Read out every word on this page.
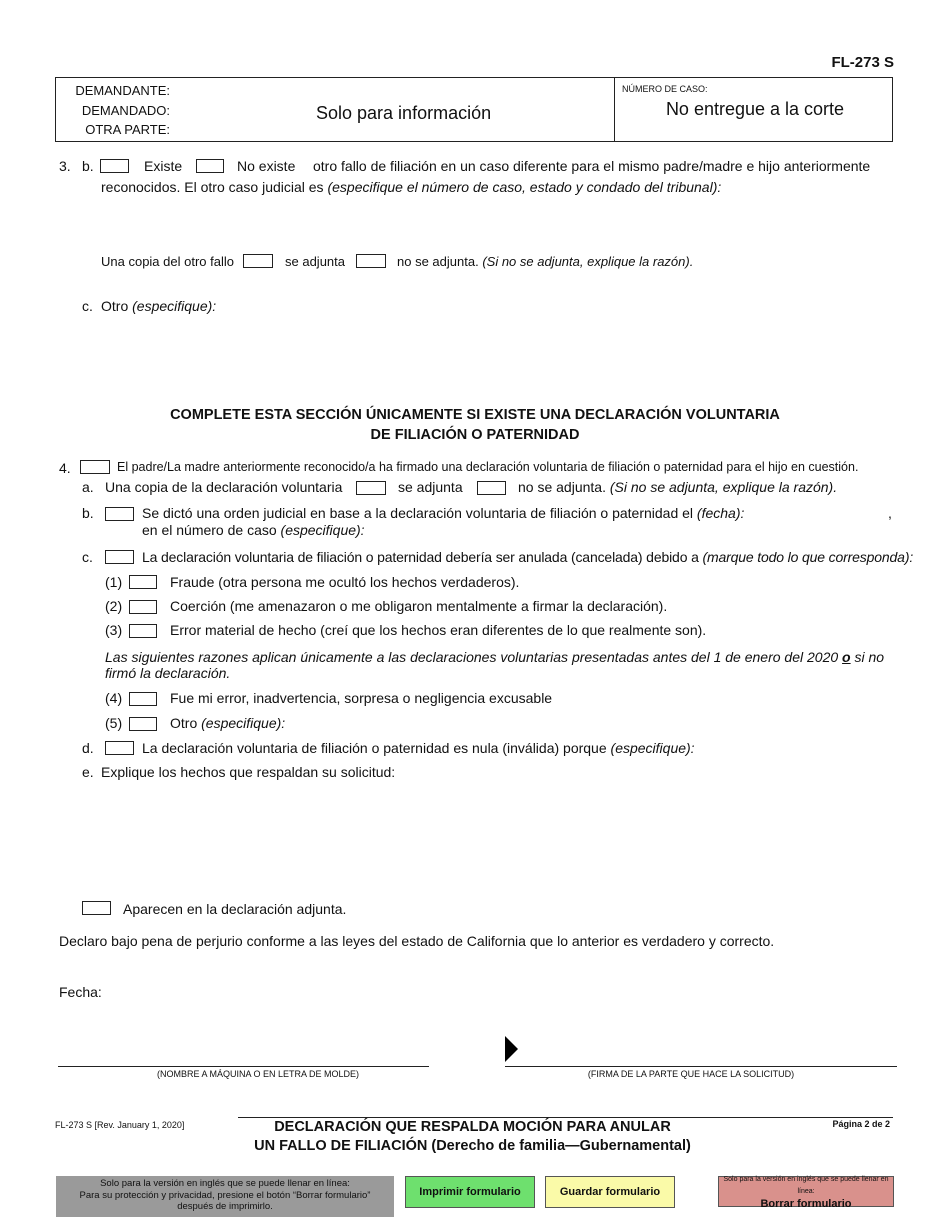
FL-273 S
DEMANDANTE:
DEMANDADO:
OTRA PARTE:
Solo para información
NÚMERO DE CASO:
No entregue a la corte
3. b.	Existe	No existe otro fallo de filiación en un caso diferente para el mismo padre/madre e hijo anteriormente
reconocidos. El otro caso judicial es (especifique el número de caso, estado y condado del tribunal):
Una copia del otro fallo	se adjunta	no se adjunta. (Si no se adjunta, explique la razón).
c. Otro (especifique):
COMPLETE ESTA SECCIÓN ÚNICAMENTE SI EXISTE UNA DECLARACIÓN VOLUNTARIA
DE FILIACIÓN O PATERNIDAD
4.	El padre/La madre anteriormente reconocido/a ha firmado una declaración voluntaria de filiación o paternidad para el hijo en cuestión.
a. Una copia de la declaración voluntaria	se adjunta	no se adjunta. (Si no se adjunta, explique la razón).
b.	Se dictó una orden judicial en base a la declaración voluntaria de filiación o paternidad el (fecha):	,
en el número de caso (especifique):
c.	La declaración voluntaria de filiación o paternidad debería ser anulada (cancelada) debido a (marque todo lo que corresponda):
(1)	Fraude (otra persona me ocultó los hechos verdaderos).
(2)	Coerción (me amenazaron o me obligaron mentalmente a firmar la declaración).
(3)	Error material de hecho (creí que los hechos eran diferentes de lo que realmente son).
Las siguientes razones aplican únicamente a las declaraciones voluntarias presentadas antes del 1 de enero del 2020 o si no
firmó la declaración.
(4)	Fue mi error, inadvertencia, sorpresa o negligencia excusable
(5)	Otro (especifique):
d.	La declaración voluntaria de filiación o paternidad es nula (inválida) porque (especifique):
e. Explique los hechos que respaldan su solicitud:
Aparecen en la declaración adjunta.
Declaro bajo pena de perjurio conforme a las leyes del estado de California que lo anterior es verdadero y correcto.
Fecha:
(NOMBRE A MÁQUINA O EN LETRA DE MOLDE)	(FIRMA DE LA PARTE QUE HACE LA SOLICITUD)
FL-273 S [Rev. January 1, 2020]	DECLARACIÓN QUE RESPALDA MOCIÓN PARA ANULAR
UN FALLO DE FILIACIÓN (Derecho de familia—Gubernamental)
Página 2 de 2
Solo para la versión en inglés que se puede llenar en línea:
Para su protección y privacidad, presione el botón “Borrar formulario”
después de imprimirlo.
Imprimir formulario	Guardar formulario
Solo para la versión en inglés que se puede llenar en línea:
Borrar formulario
